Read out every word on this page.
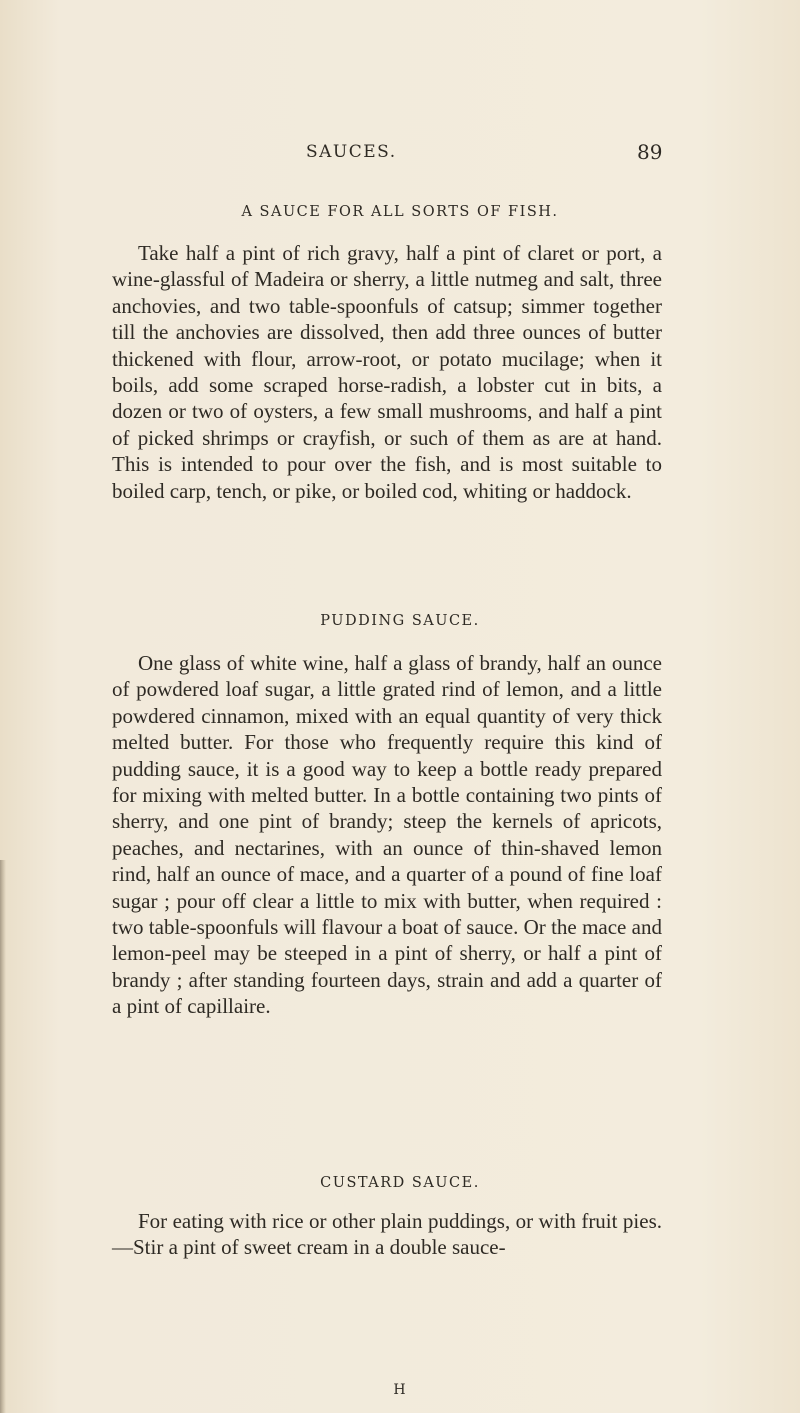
SAUCES.	89
A SAUCE FOR ALL SORTS OF FISH.

Take half a pint of rich gravy, half a pint of claret or port, a wine-glassful of Madeira or sherry, a little nutmeg and salt, three anchovies, and two table-spoonfuls of catsup; simmer together till the anchovies are dissolved, then add three ounces of butter thickened with flour, arrow-root, or potato mucilage; when it boils, add some scraped horse-radish, a lobster cut in bits, a dozen or two of oysters, a few small mushrooms, and half a pint of picked shrimps or crayfish, or such of them as are at hand. This is intended to pour over the fish, and is most suitable to boiled carp, tench, or pike, or boiled cod, whiting or haddock.

PUDDING SAUCE.

One glass of white wine, half a glass of brandy, half an ounce of powdered loaf sugar, a little grated rind of lemon, and a little powdered cinnamon, mixed with an equal quantity of very thick melted butter. For those who frequently require this kind of pudding sauce, it is a good way to keep a bottle ready prepared for mixing with melted butter. In a bottle containing two pints of sherry, and one pint of brandy; steep the kernels of apricots, peaches, and nectarines, with an ounce of thin-shaved lemon rind, half an ounce of mace, and a quarter of a pound of fine loaf sugar ; pour off clear a little to mix with butter, when required : two table-spoonfuls will flavour a boat of sauce. Or the mace and lemon-peel may be steeped in a pint of sherry, or half a pint of brandy ; after standing fourteen days, strain and add a quarter of a pint of capillaire.

CUSTARD SAUCE.

For eating with rice or other plain puddings, or with fruit pies.—Stir a pint of sweet cream in a double sauce-

H
